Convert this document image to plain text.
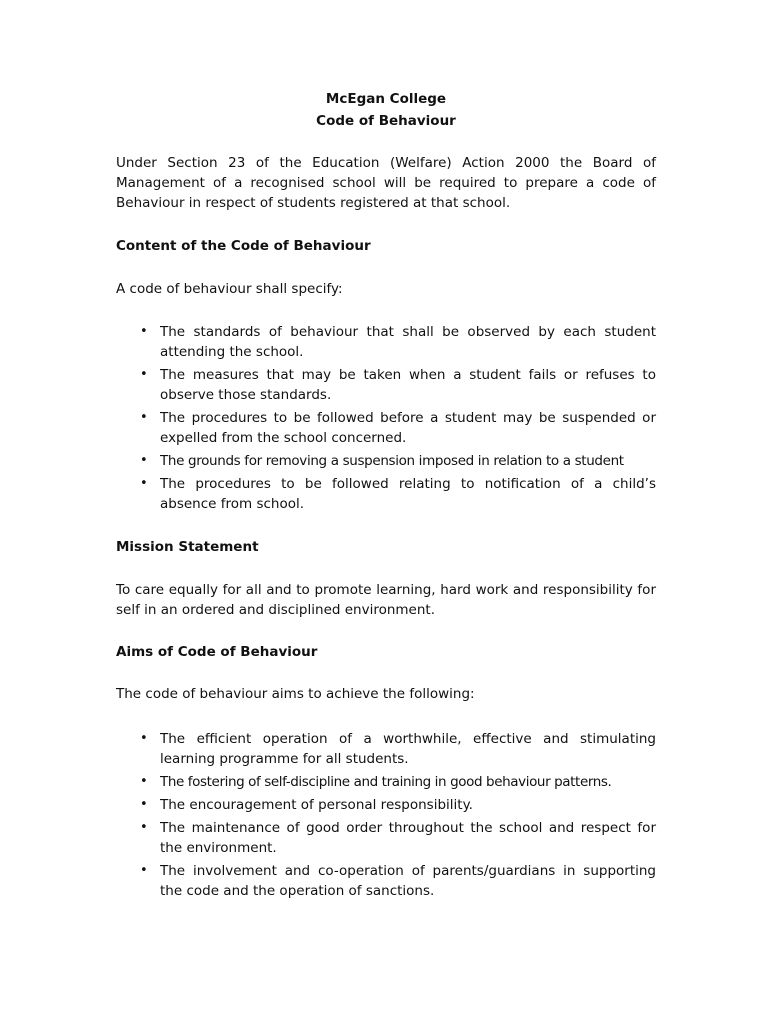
McEgan College
Code of Behaviour
Under Section 23 of the Education (Welfare) Action 2000 the Board of Management of a recognised school will be required to prepare a code of Behaviour in respect of students registered at that school.
Content of the Code of Behaviour
A code of behaviour shall specify:
• The standards of behaviour that shall be observed by each student attending the school.
• The measures that may be taken when a student fails or refuses to observe those standards.
• The procedures to be followed before a student may be suspended or expelled from the school concerned.
• The grounds for removing a suspension imposed in relation to a student
• The procedures to be followed relating to notification of a child’s absence from school.
Mission Statement
To care equally for all and to promote learning, hard work and responsibility for self in an ordered and disciplined environment.
Aims of Code of Behaviour
The code of behaviour aims to achieve the following:
• The efficient operation of a worthwhile, effective and stimulating learning programme for all students.
• The fostering of self-discipline and training in good behaviour patterns.
• The encouragement of personal responsibility.
• The maintenance of good order throughout the school and respect for the environment.
• The involvement and co-operation of parents/guardians in supporting the code and the operation of sanctions.
